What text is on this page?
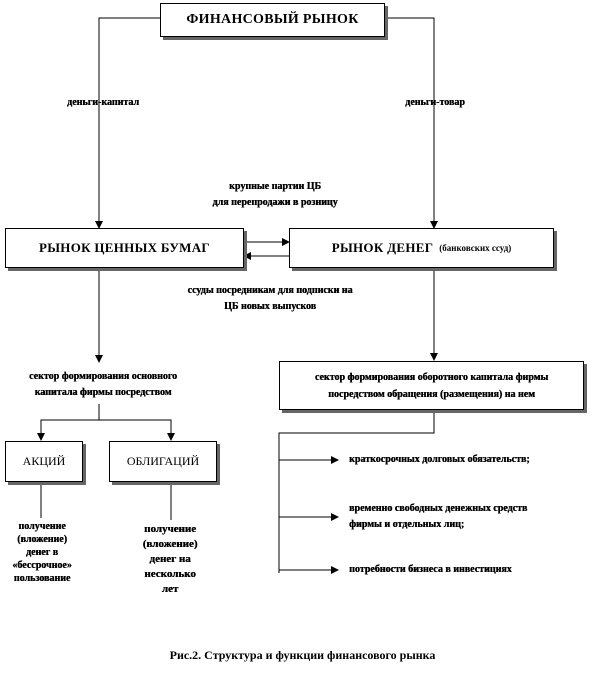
ФИНАНСОВЫЙ РЫНОК
деньги-капитал	деньги-товар
крупные партии ЦБ
для перепродажи в розницу
РЫНОК ЦЕННЫХ БУМАГ	РЫНОК ДЕНЕГ (банковских ссуд)
ссуды посредникам для подписки на
ЦБ новых выпусков
сектор формирования основного
капитала фирмы посредством
сектор формирования оборотного капитала фирмы
посредством обращения (размещения) на нем
АКЦИЙ	ОБЛИГАЦИЙ
получение
(вложение)
денег в
«бессрочное»
пользование
получение
(вложение)
денег на
несколько
лет
краткосрочных долговых обязательств;
временно свободных денежных средств
фирмы и отдельных лиц;
потребности бизнеса в инвестициях
Рис.2. Структура и функции финансового рынка
